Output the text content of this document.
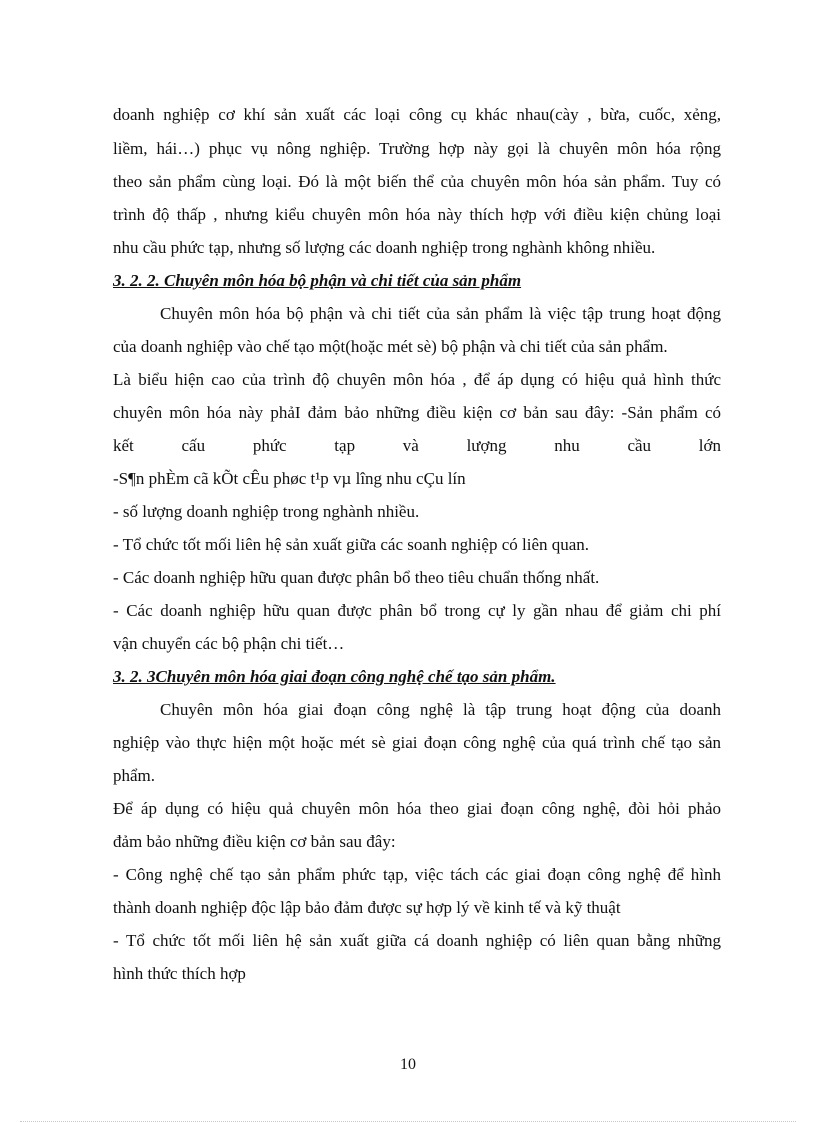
doanh nghiệp cơ khí sản xuất các loại công cụ khác nhau(cày , bừa, cuốc, xẻng,
liềm, hái…) phục vụ nông nghiệp. Trường hợp này gọi là chuyên môn hóa rộng
theo sản phẩm cùng loại. Đó là một biến thể của chuyên môn hóa sản phẩm. Tuy có
trình độ thấp , nhưng kiểu chuyên môn hóa này thích hợp với điều kiện chủng loại
nhu cầu phức tạp, nhưng số lượng các doanh nghiệp trong nghành không nhiều.
3. 2. 2. Chuyên môn hóa bộ phận và chi tiết của sản phẩm
Chuyên môn hóa bộ phận và chi tiết của sản phẩm là việc tập trung hoạt động
của doanh nghiệp vào chế tạo một(hoặc mét sè) bộ phận và chi tiết của sản phẩm.
Là biểu hiện cao của trình độ chuyên môn hóa , để áp dụng có hiệu quả hình thức
chuyên môn hóa này phảI đảm bảo những điều kiện cơ bản sau đây: -Sản phẩm có
kết cấu phức tạp và lượng nhu cầu lớn
-S¶n phÈm cã kÕt cÊu phøc t¹p vµ lîng nhu cÇu lín
- số lượng doanh nghiệp trong nghành nhiều.
- Tổ chức tốt mối liên hệ sản xuất giữa các soanh nghiệp có liên quan.
- Các doanh nghiệp hữu quan được phân bổ theo tiêu chuẩn thống nhất.
- Các doanh nghiệp hữu quan được phân bổ trong cự ly gần nhau để giảm chi phí
vận chuyển các bộ phận chi tiết…
3. 2. 3Chuyên môn hóa giai đoạn công nghệ chế tạo sản phẩm.
Chuyên môn hóa giai đoạn công nghệ là tập trung hoạt động của doanh
nghiệp vào thực hiện một hoặc mét sè giai đoạn công nghệ của quá trình chế tạo sản
phẩm.
Để áp dụng có hiệu quả chuyên môn hóa theo giai đoạn công nghệ, đòi hỏi phảo
đảm bảo những điều kiện cơ bản sau đây:
- Công nghệ chế tạo sản phẩm phức tạp, việc tách các giai đoạn công nghệ để hình
thành doanh nghiệp độc lập bảo đảm được sự hợp lý về kinh tế và kỹ thuật
- Tổ chức tốt mối liên hệ sản xuất giữa cá doanh nghiệp có liên quan bằng những
hình thức thích hợp
10
